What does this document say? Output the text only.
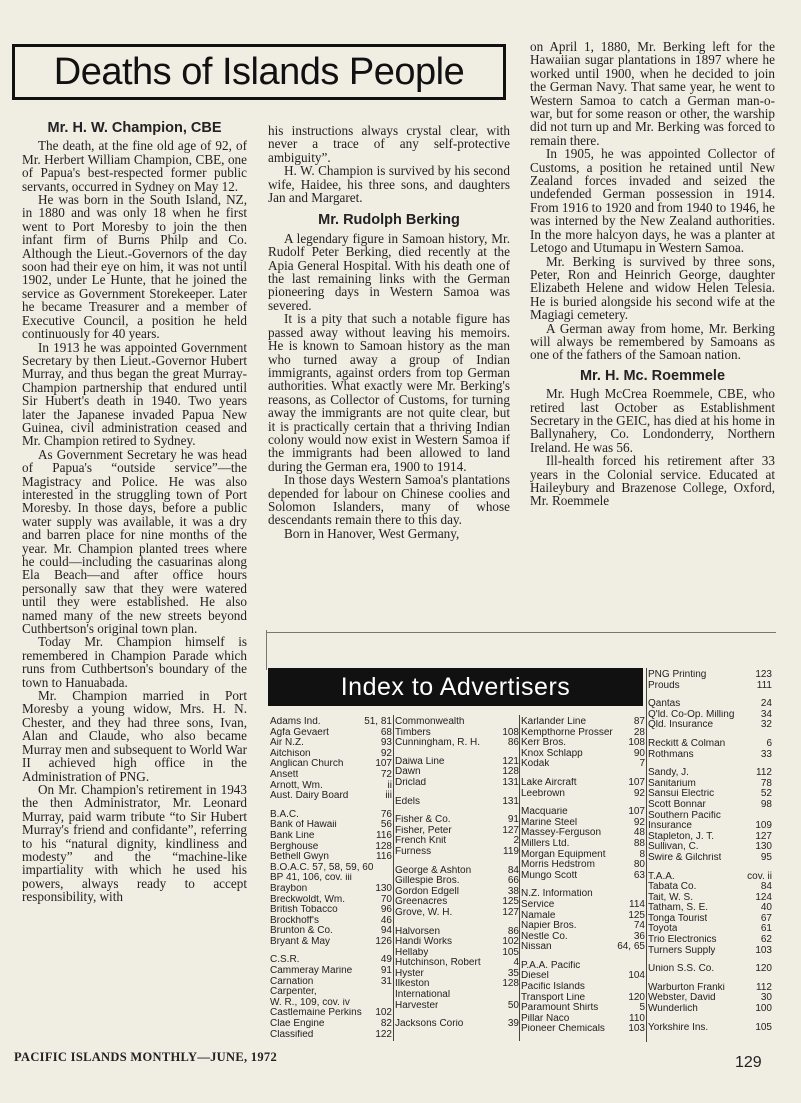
Deaths of Islands People
Mr. H. W. Champion, CBE

The death, at the fine old age of 92, of Mr. Herbert William Champion, CBE, one of Papua's best-respected former public servants, occurred in Sydney on May 12.

He was born in the South Island, NZ, in 1880 and was only 18 when he first went to Port Moresby to join the then infant firm of Burns Philp and Co. Although the Lieut.-Governors of the day soon had their eye on him, it was not until 1902, under Le Hunte, that he joined the service as Government Storekeeper. Later he became Treasurer and a member of Executive Council, a position he held continuously for 40 years.

In 1913 he was appointed Government Secretary by then Lieut.-Governor Hubert Murray, and thus began the great Murray-Champion partnership that endured until Sir Hubert's death in 1940. Two years later the Japanese invaded Papua New Guinea, civil administration ceased and Mr. Champion retired to Sydney.

As Government Secretary he was head of Papua's “outside service”—the Magistracy and Police. He was also interested in the struggling town of Port Moresby. In those days, before a public water supply was available, it was a dry and barren place for nine months of the year. Mr. Champion planted trees where he could—including the casuarinas along Ela Beach—and after office hours personally saw that they were watered until they were established. He also named many of the new streets beyond Cuthbertson's original town plan.

Today Mr. Champion himself is remembered in Champion Parade which runs from Cuthbertson's boundary of the town to Hanuabada.

Mr. Champion married in Port Moresby a young widow, Mrs. H. N. Chester, and they had three sons, Ivan, Alan and Claude, who also became Murray men and subsequent to World War II achieved high office in the Administration of PNG.

On Mr. Champion's retirement in 1943 the then Administrator, Mr. Leonard Murray, paid warm tribute “to Sir Hubert Murray's friend and confidante”, referring to his “natural dignity, kindliness and modesty” and the “machine-like impartiality with which he used his powers, always ready to accept responsibility, with

his instructions always crystal clear, with never a trace of any self-protective ambiguity”.

H. W. Champion is survived by his second wife, Haidee, his three sons, and daughters Jan and Margaret.

Mr. Rudolph Berking

A legendary figure in Samoan history, Mr. Rudolf Peter Berking, died recently at the Apia General Hospital. With his death one of the last remaining links with the German pioneering days in Western Samoa was severed.

It is a pity that such a notable figure has passed away without leaving his memoirs. He is known to Samoan history as the man who turned away a group of Indian immigrants, against orders from top German authorities. What exactly were Mr. Berking's reasons, as Collector of Customs, for turning away the immigrants are not quite clear, but it is practically certain that a thriving Indian colony would now exist in Western Samoa if the immigrants had been allowed to land during the German era, 1900 to 1914.

In those days Western Samoa's plantations depended for labour on Chinese coolies and Solomon Islanders, many of whose descendants remain there to this day.

Born in Hanover, West Germany,

on April 1, 1880, Mr. Berking left for the Hawaiian sugar plantations in 1897 where he worked until 1900, when he decided to join the German Navy. That same year, he went to Western Samoa to catch a German man-o-war, but for some reason or other, the warship did not turn up and Mr. Berking was forced to remain there.

In 1905, he was appointed Collector of Customs, a position he retained until New Zealand forces invaded and seized the undefended German possession in 1914. From 1916 to 1920 and from 1940 to 1946, he was interned by the New Zealand authorities. In the more halcyon days, he was a planter at Letogo and Utumapu in Western Samoa.

Mr. Berking is survived by three sons, Peter, Ron and Heinrich George, daughter Elizabeth Helene and widow Helen Telesia. He is buried alongside his second wife at the Magiagi cemetery.

A German away from home, Mr. Berking will always be remembered by Samoans as one of the fathers of the Samoan nation.

Mr. H. Mc. Roemmele

Mr. Hugh McCrea Roemmele, CBE, who retired last October as Establishment Secretary in the GEIC, has died at his home in Ballynahery, Co. Londonderry, Northern Ireland. He was 56.

Ill-health forced his retirement after 33 years in the Colonial service. Educated at Haileybury and Brazenose College, Oxford, Mr. Roemmele

Index to Advertisers
Adams Ind.	51, 81
Agfa Gevaert	68
Air N.Z.	93
Aitchison	92
Anglican Church	107
Ansett	72
Arnott, Wm.	ii
Aust. Dairy Board	iii
B.A.C.	76
Bank of Hawaii	56
Bank Line	116
Berghouse	128
Bethell Gwyn	116
B.O.A.C. 57, 58, 59, 60
BP 41, 106, cov. iii
Braybon	130
Breckwoldt, Wm.	70
British Tobacco	96
Brockhoff's	46
Brunton & Co.	94
Bryant & May	126
C.S.R.	49
Cammeray Marine	91
Carnation	31
Carpenter,
W. R., 109, cov. iv
Castlemaine Perkins	102
Clae Engine	82
Classified	122
Commonwealth
Timbers	108
Cunningham, R. H.	86
Daiwa Line	121
Dawn	128
Driclad	131
Edels	131
Fisher & Co.	91
Fisher, Peter	127
French Knit	2
Furness	119
George & Ashton	84
Gillespie Bros.	66
Gordon Edgell	38
Greenacres	125
Grove, W. H.	127
Halvorsen	86
Handi Works	102
Hellaby	105
Hutchinson, Robert	4
Hyster	35
Ilkeston	128
International
Harvester	50
Jacksons Corio	39
Karlander Line	87
Kempthorne Prosser	28
Kerr Bros.	108
Knox Schlapp	90
Kodak	7
Lake Aircraft	107
Leebrown	92
Macquarie	107
Marine Steel	92
Massey-Ferguson	48
Millers Ltd.	88
Morgan Equipment	8
Morris Hedstrom	80
Mungo Scott	63
N.Z. Information
Service	114
Namale	125
Napier Bros.	74
Nestle Co.	36
Nissan	64, 65
P.A.A. Pacific
Diesel	104
Pacific Islands
Transport Line	120
Paramount Shirts	5
Pillar Naco	110
Pioneer Chemicals	103
PNG Printing	123
Prouds	111
Qantas	24
Q'ld. Co-Op. Milling	34
Qld. Insurance	32
Reckitt & Colman	6
Rothmans	33
Sandy, J.	112
Sanitarium	78
Sansui Electric	52
Scott Bonnar	98
Southern Pacific
Insurance	109
Stapleton, J. T.	127
Sullivan, C.	130
Swire & Gilchrist	95
T.A.A.	cov. ii
Tabata Co.	84
Tait, W. S.	124
Tatham, S. E.	40
Tonga Tourist	67
Toyota	61
Trio Electronics	62
Turners Supply	103
Union S.S. Co.	120
Warburton Franki	112
Webster, David	30
Wunderlich	100
Yorkshire Ins.	105
PACIFIC ISLANDS MONTHLY—JUNE, 1972	129
